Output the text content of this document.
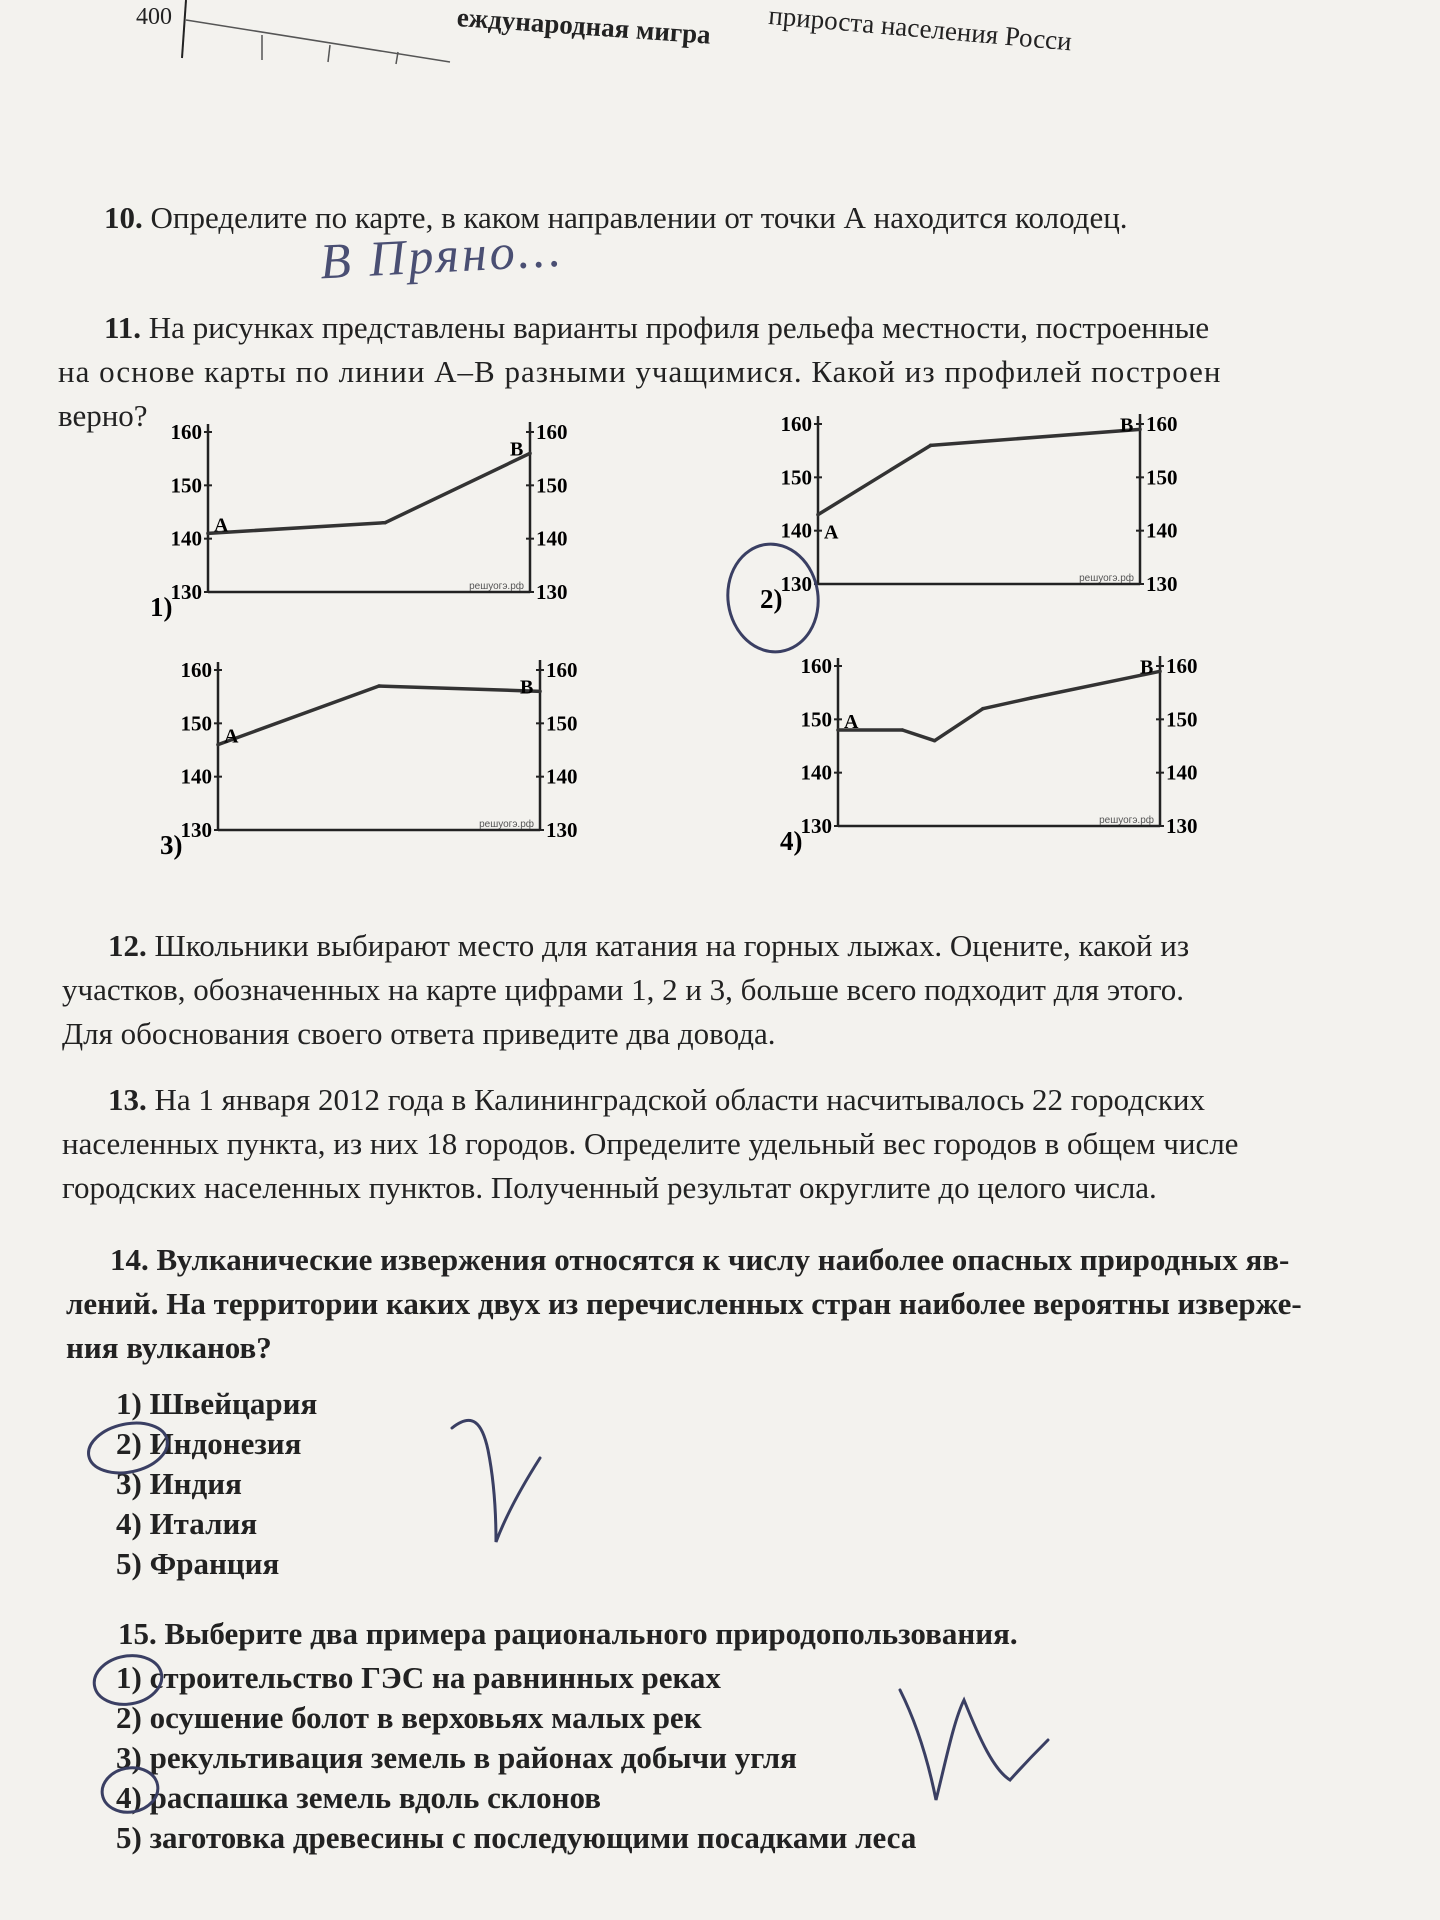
400	еждународная мигра прироста населения Росси
10. Определите по карте, в каком направлении от точки А находится колодец.
В Пряно...
11. На рисунках представлены варианты профиля рельефа местности, построенные
на основе карты по линии А–В разными учащимися. Какой из профилей построен
верно?	160	160
150	150
140	140
130	130
решуогэ.рф
А
В
1)
160	160
150	150
140	140
130	130
решуогэ.рф
А
В
2)
160	160
150	150
140	140
130	130
решуогэ.рф
А
В
3)
160	160
150	150
140	140
130	130
решуогэ.рф
А
В
4)
12. Школьники выбирают место для катания на горных лыжах. Оцените, какой из
участков, обозначенных на карте цифрами 1, 2 и 3, больше всего подходит для этого.
Для обоснования своего ответа приведите два довода.
13. На 1 января 2012 года в Калининградской области насчитывалось 22 городских
населенных пункта, из них 18 городов. Определите удельный вес городов в общем числе
городских населенных пунктов. Полученный результат округлите до целого числа.
14. Вулканические извержения относятся к числу наиболее опасных природных яв-
лений. На территории каких двух из перечисленных стран наиболее вероятны изверже-
ния вулканов?
1) Швейцария
2) Индонезия
3) Индия
4) Италия
5) Франция
15. Выберите два примера рационального природопользования.
1) строительство ГЭС на равнинных реках
2) осушение болот в верховьях малых рек
3) рекультивация земель в районах добычи угля
4) распашка земель вдоль склонов
5) заготовка древесины с последующими посадками леса
